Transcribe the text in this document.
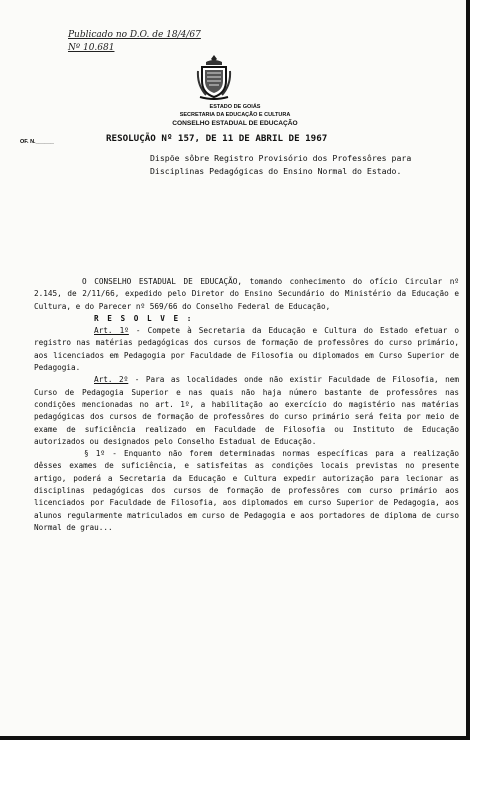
Publicado no D.O. de 18/4/67
Nº 10.681
ESTADO DE GOIÁS
SECRETARIA DA EDUCAÇÃO E CULTURA
CONSELHO ESTADUAL DE EDUCAÇÃO
OF. N.______	RESOLUÇÃO Nº 157, DE 11 DE ABRIL DE 1967
Dispõe sôbre Registro Provisório dos Professôres para Disciplinas Pedagógicas do Ensino Normal do Estado.

O CONSELHO ESTADUAL DE EDUCAÇÃO, tomando conhecimento do ofício Circular nº 2.145, de 2/11/66, expedido pelo Diretor do Ensino Secundário do Ministério da Educação e Cultura, e do Parecer nº 569/66 do Conselho Federal de Educação,

R E S O L V E :

Art. 1º - Compete à Secretaria da Educação e Cultura do Estado efetuar o registro nas matérias pedagógicas dos cursos de formação de professôres do curso primário, aos licenciados em Pedagogia por Faculdade de Filosofia ou diplomados em Curso Superior de Pedagogia.

Art. 2º - Para as localidades onde não existir Faculdade de Filosofia, nem Curso de Pedagogia Superior e nas quais não haja número bastante de professôres nas condições mencionadas no art. 1º, a habilitação ao exercício do magistério nas matérias pedagógicas dos cursos de formação de professôres do curso primário será feita por meio de exame de suficiência realizado em Faculdade de Filosofia ou Instituto de Educação autorizados ou designados pelo Conselho Estadual de Educação.

§ 1º - Enquanto não forem determinadas normas específicas para a realização dêsses exames de suficiência, e satisfeitas as condições locais previstas no presente artigo, poderá a Secretaria da Educação e Cultura expedir autorização para lecionar as disciplinas pedagógicas dos cursos de formação de professôres com curso primário aos licenciados por Faculdade de Filosofia, aos diplomados em curso Superior de Pedagogia, aos alunos regularmente matriculados em curso de Pedagogia e aos portadores de diploma de curso Normal de grau...
